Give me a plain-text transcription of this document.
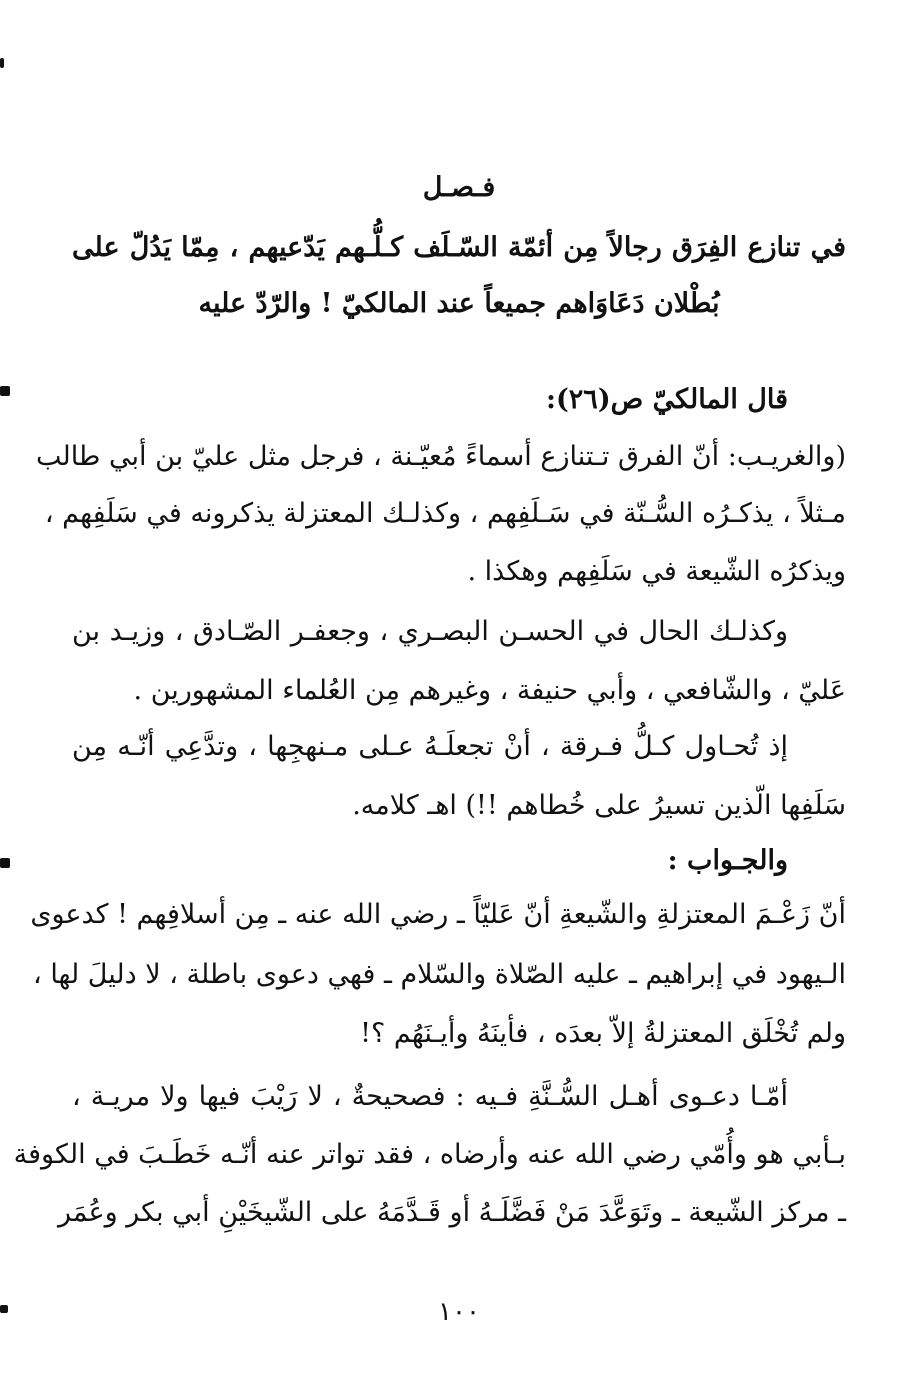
فـصـل
في تنازع الفِرَق رجالاً مِن أئمّة السّـلَف كـلُّـهم يَدّعيهم ، مِمّا يَدُلّ على
بُطْلان دَعَاوَاهم جميعاً عند المالكيّ ! والرّدّ عليه
قال المالكيّ ص(٢٦):
(والغريـب: أنّ الفرق تـتنازع أسماءً مُعيّـنة ، فرجل مثل عليّ بن أبي طالب
مـثلاً ، يذكـرُه السُّـنّة في سَـلَفِهم ، وكذلـك المعتزلة يذكرونه في سَلَفِهم ،
ويذكرُه الشّيعة في سَلَفِهم وهكذا .
وكذلـك الحال في الحسـن البصـري ، وجعفـر الصّـادق ، وزيـد بن
عَليّ ، والشّافعي ، وأبي حنيفة ، وغيرهم مِن العُلماء المشهورين .
إذ تُحـاول كـلُّ فـرقة ، أنْ تجعلَـهُ عـلى مـنهجِها ، وتدَّعِي أنّـه مِن
سَلَفِها الّذين تسيرُ على خُطاهم !!) اهـ كلامه.
والجـواب :
أنّ زَعْـمَ المعتزلةِ والشّيعةِ أنّ عَليّاً ـ رضي الله عنه ـ مِن أسلافِهم ! كدعوى
الـيهود في إبراهيم ـ عليه الصّلاة والسّلام ـ فهي دعوى باطلة ، لا دليلَ لها ،
ولم تُخْلَق المعتزلةُ إلاّ بعدَه ، فأينَهُ وأيـنَهُم ؟!
أمّـا دعـوى أهـل السُّـنَّةِ فـيه : فصحيحةٌ ، لا رَيْبَ فيها ولا مريـة ،
بـأبي هو وأُمّي رضي الله عنه وأرضاه ، فقد تواتر عنه أنّـه خَطَـبَ في الكوفة
ـ مركز الشّيعة ـ وتَوَعَّدَ مَنْ فَضَّلَـهُ أو قَـدَّمَهُ على الشّيخَيْنِ أبي بكر وعُمَر
١٠٠
